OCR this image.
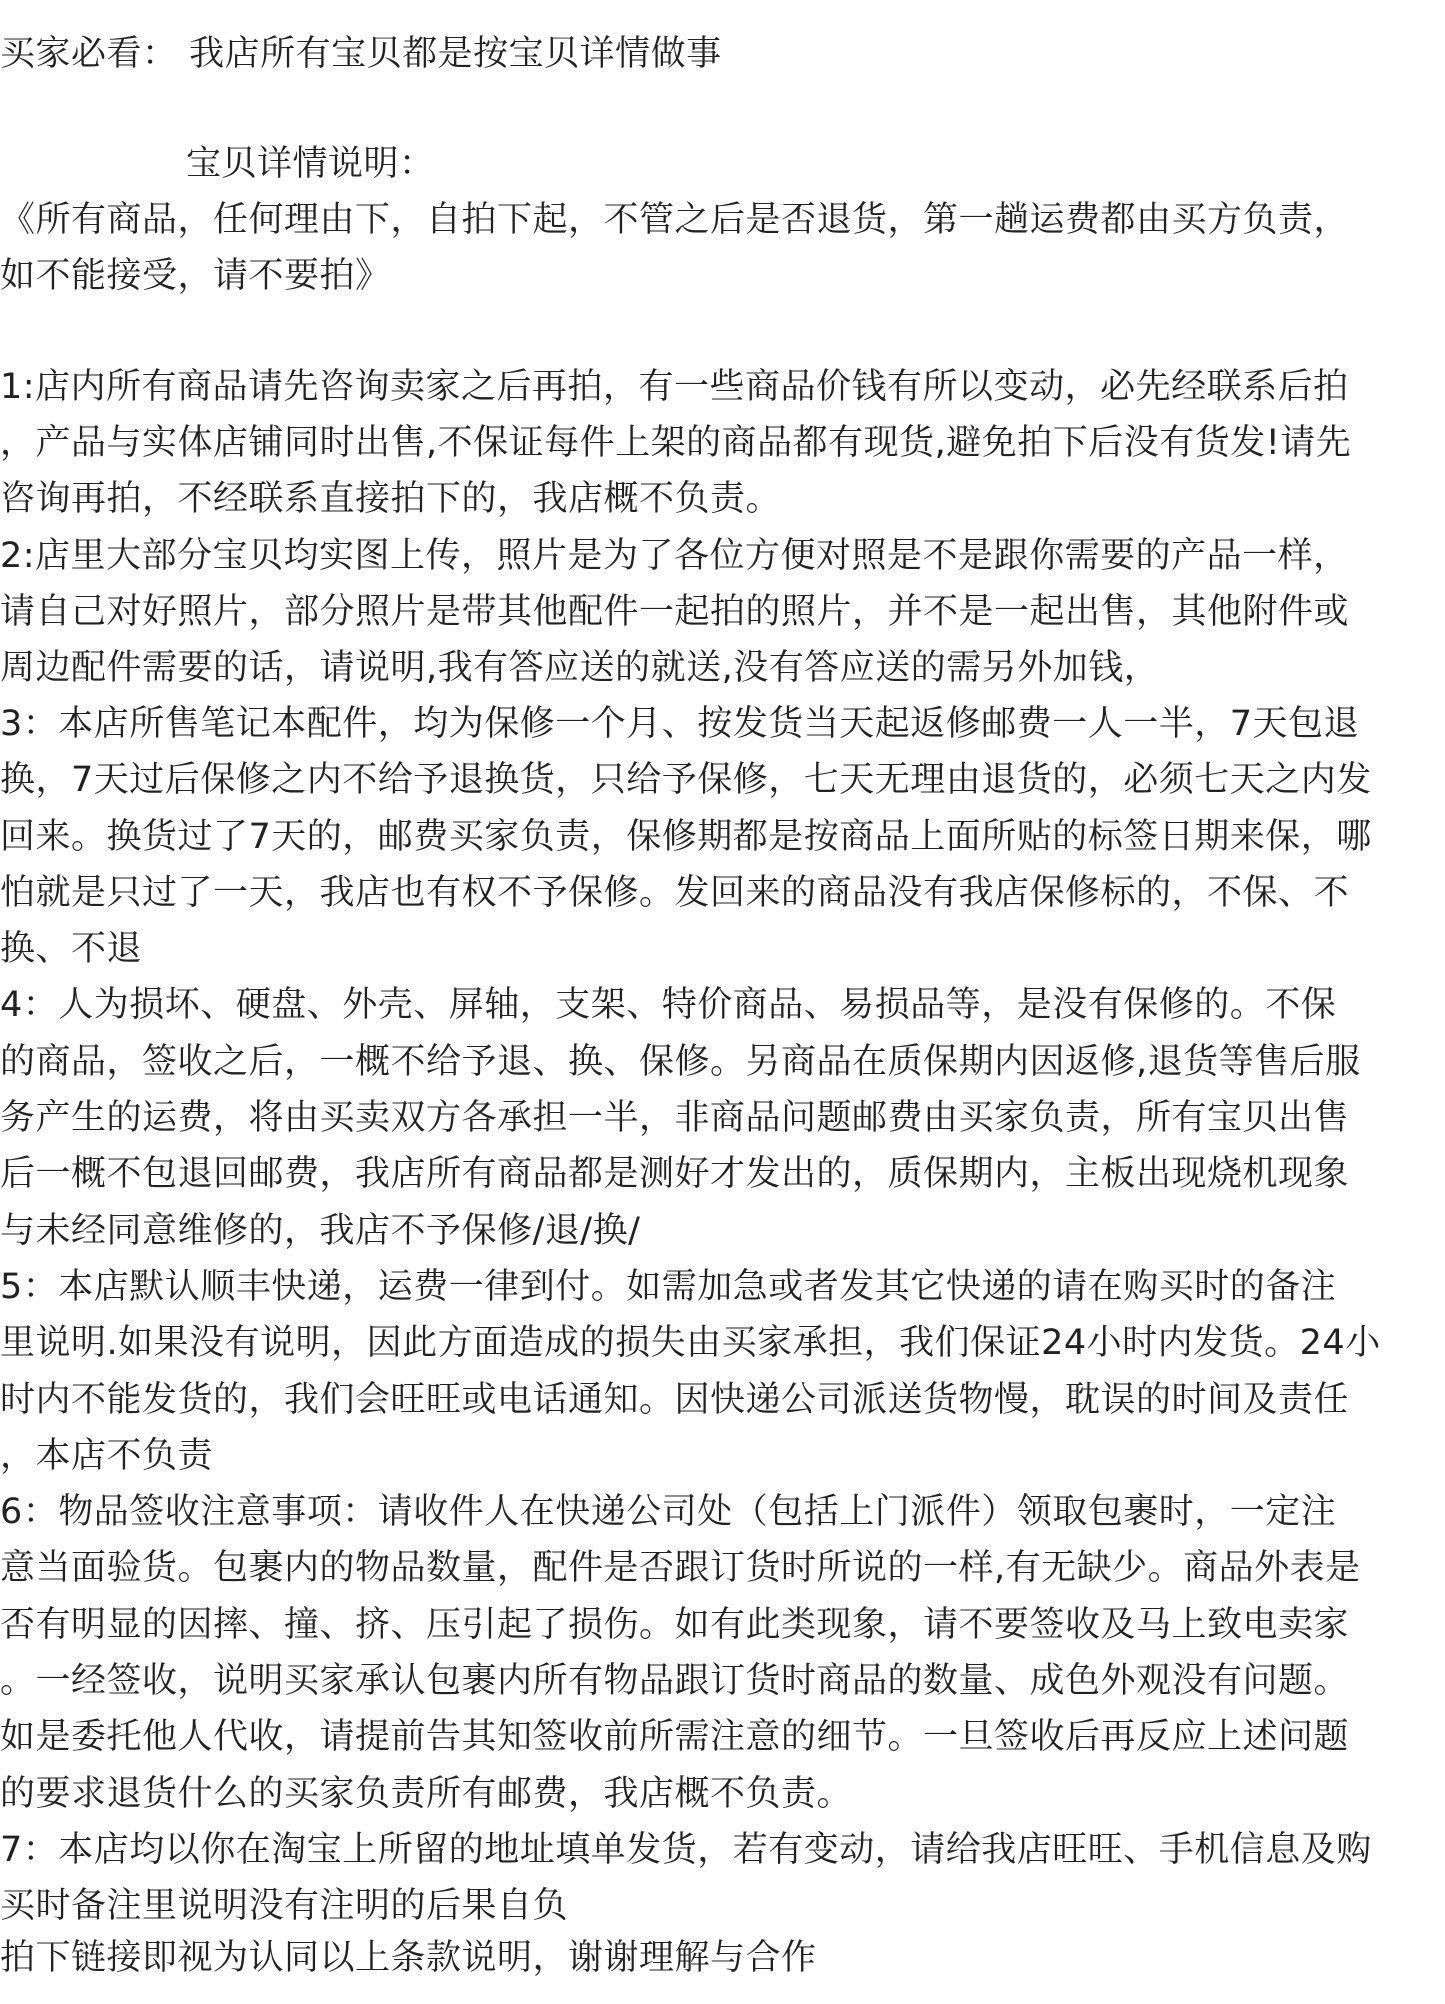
买家必看： 我店所有宝贝都是按宝贝详情做事
宝贝详情说明：
《所有商品，任何理由下，自拍下起，不管之后是否退货，第一趟运费都由买方负责，
如不能接受，请不要拍》
1:店内所有商品请先咨询卖家之后再拍，有一些商品价钱有所以变动，必先经联系后拍
，产品与实体店铺同时出售,不保证每件上架的商品都有现货,避免拍下后没有货发!请先
咨询再拍，不经联系直接拍下的，我店概不负责。
2:店里大部分宝贝均实图上传，照片是为了各位方便对照是不是跟你需要的产品一样，
请自己对好照片，部分照片是带其他配件一起拍的照片，并不是一起出售，其他附件或
周边配件需要的话，请说明,我有答应送的就送,没有答应送的需另外加钱，
3：本店所售笔记本配件，均为保修一个月、按发货当天起返修邮费一人一半，7天包退
换，7天过后保修之内不给予退换货，只给予保修，七天无理由退货的，必须七天之内发
回来。换货过了7天的，邮费买家负责，保修期都是按商品上面所贴的标签日期来保，哪
怕就是只过了一天，我店也有权不予保修。发回来的商品没有我店保修标的，不保、不
换、不退
4：人为损坏、硬盘、外壳、屏轴，支架、特价商品、易损品等，是没有保修的。不保
的商品，签收之后，一概不给予退、换、保修。另商品在质保期内因返修,退货等售后服
务产生的运费，将由买卖双方各承担一半，非商品问题邮费由买家负责，所有宝贝出售
后一概不包退回邮费，我店所有商品都是测好才发出的，质保期内，主板出现烧机现象
与未经同意维修的，我店不予保修/退/换/
5：本店默认顺丰快递，运费一律到付。如需加急或者发其它快递的请在购买时的备注
里说明.如果没有说明，因此方面造成的损失由买家承担，我们保证24小时内发货。24小
时内不能发货的，我们会旺旺或电话通知。因快递公司派送货物慢，耽误的时间及责任
，本店不负责
6：物品签收注意事项：请收件人在快递公司处（包括上门派件）领取包裹时，一定注
意当面验货。包裹内的物品数量，配件是否跟订货时所说的一样,有无缺少。商品外表是
否有明显的因摔、撞、挤、压引起了损伤。如有此类现象，请不要签收及马上致电卖家
。一经签收，说明买家承认包裹内所有物品跟订货时商品的数量、成色外观没有问题。
如是委托他人代收，请提前告其知签收前所需注意的细节。一旦签收后再反应上述问题
的要求退货什么的买家负责所有邮费，我店概不负责。
7：本店均以你在淘宝上所留的地址填单发货，若有变动，请给我店旺旺、手机信息及购
买时备注里说明没有注明的后果自负
拍下链接即视为认同以上条款说明，谢谢理解与合作
